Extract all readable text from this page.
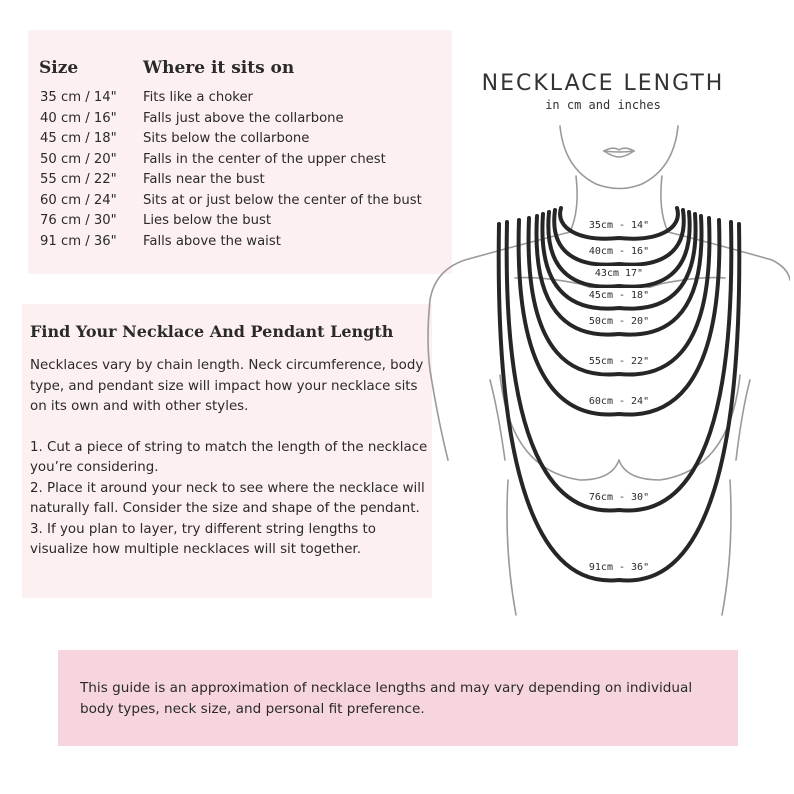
Size	Where it sits on
35 cm / 14" Fits like a choker
40 cm / 16" Falls just above the collarbone
45 cm / 18" Sits below the collarbone
50 cm / 20" Falls in the center of the upper chest
55 cm / 22" Falls near the bust
60 cm / 24" Sits at or just below the center of the bust
76 cm / 30" Lies below the bust
91 cm / 36" Falls above the waist
Find Your Necklace And Pendant Length

Necklaces vary by chain length. Neck circumference, body type, and pendant size will impact how your necklace sits on its own and with other styles.

1. Cut a piece of string to match the length of the necklace you’re considering.
2. Place it around your neck to see where the necklace will naturally fall. Consider the size and shape of the pendant.
3. If you plan to layer, try different string lengths to visualize how multiple necklaces will sit together.
NECKLACE LENGTH
in cm and inches
35cm - 14"
40cm - 16"
43cm 17"
45cm - 18"
50cm - 20"
55cm - 22"
60cm - 24"
76cm - 30"
91cm - 36"
This guide is an approximation of necklace lengths and may vary depending on individual body types, neck size, and personal fit preference.
